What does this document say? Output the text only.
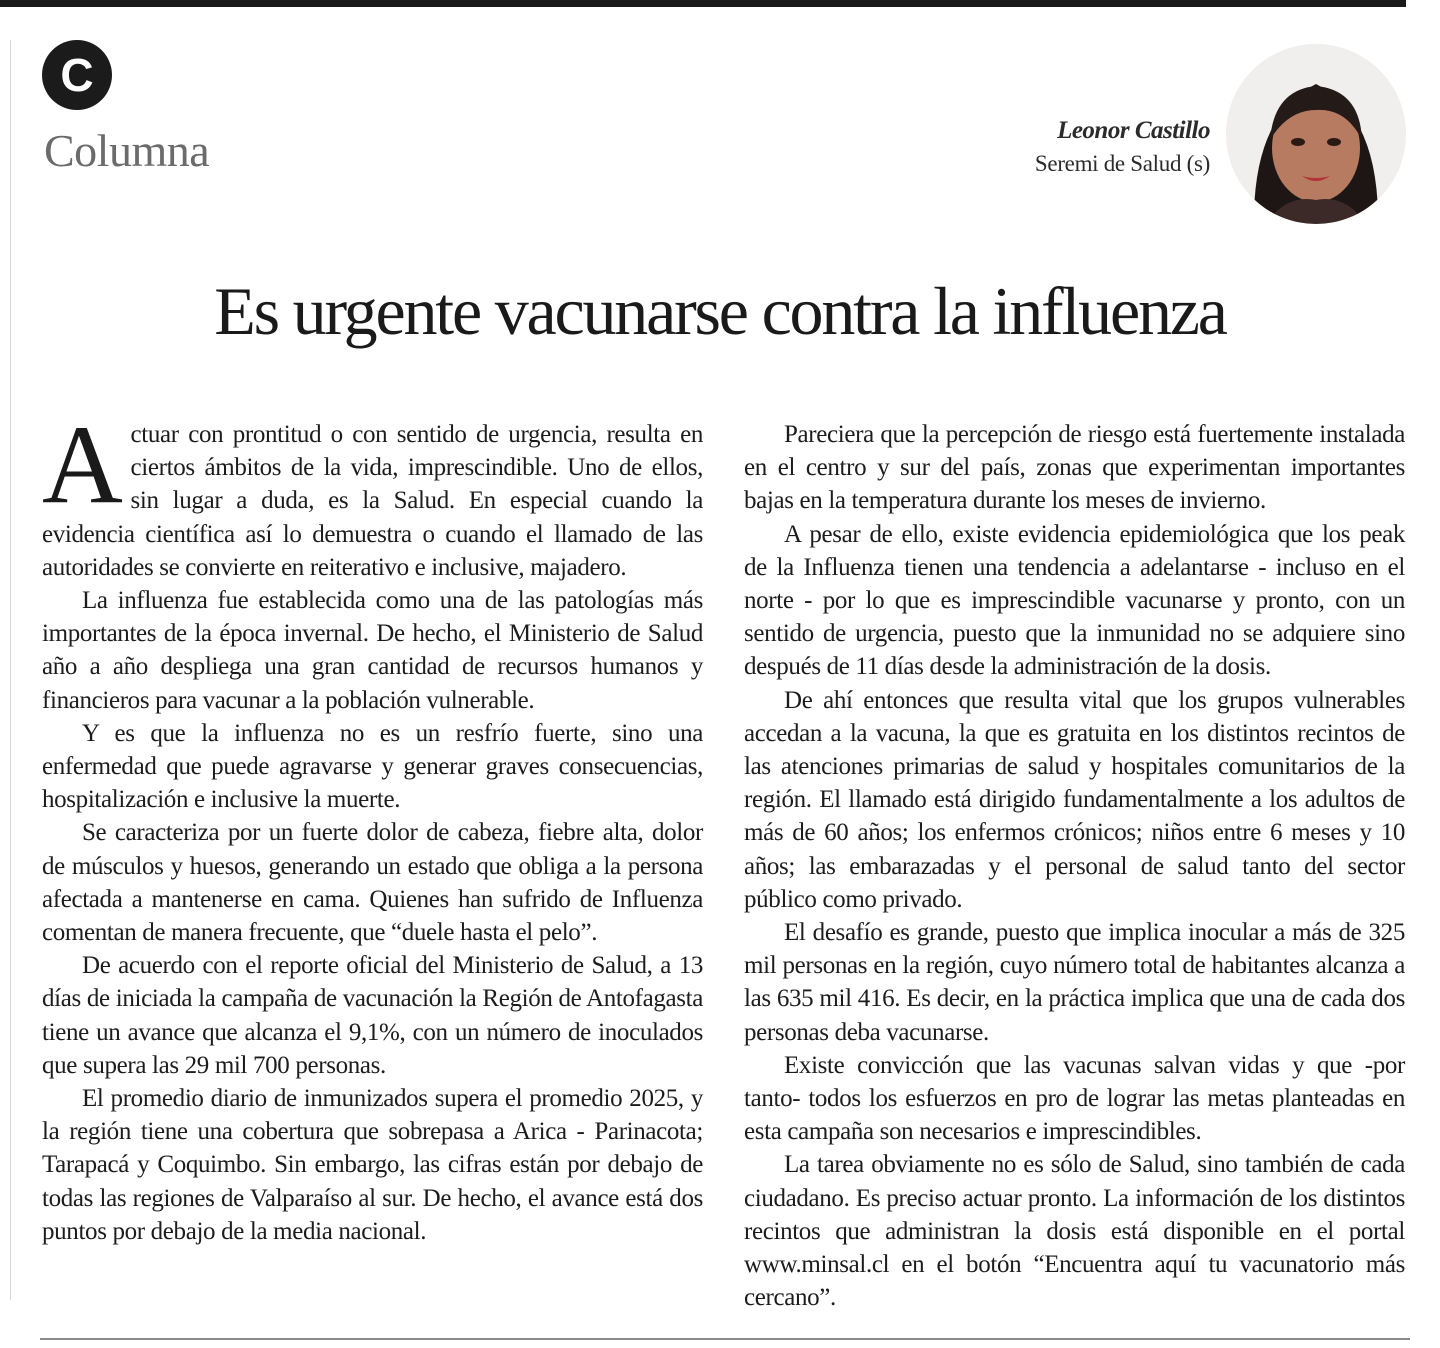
C
Columna	Leonor Castillo
Seremi de Salud (s)
Es urgente vacunarse contra la influenza

Actuar con prontitud o con sentido de urgencia, resulta en ciertos ámbitos de la vida, imprescindible. Uno de ellos, sin lugar a duda, es la Salud. En especial cuando la evidencia científica así lo demuestra o cuando el llamado de las autoridades se convierte en reiterativo e inclusive, majadero.

La influenza fue establecida como una de las patologías más importantes de la época invernal. De hecho, el Ministerio de Salud año a año despliega una gran cantidad de recursos humanos y financieros para vacunar a la población vulnerable.

Y es que la influenza no es un resfrío fuerte, sino una enfermedad que puede agravarse y generar graves consecuencias, hospitalización e inclusive la muerte.

Se caracteriza por un fuerte dolor de cabeza, fiebre alta, dolor de músculos y huesos, generando un estado que obliga a la persona afectada a mantenerse en cama. Quienes han sufrido de Influenza comentan de manera frecuente, que “duele hasta el pelo”.

De acuerdo con el reporte oficial del Ministerio de Salud, a 13 días de iniciada la campaña de vacunación la Región de Antofagasta tiene un avance que alcanza el 9,1%, con un número de inoculados que supera las 29 mil 700 personas.

El promedio diario de inmunizados supera el promedio 2025, y la región tiene una cobertura que sobrepasa a Arica - Parinacota; Tarapacá y Coquimbo. Sin embargo, las cifras están por debajo de todas las regiones de Valparaíso al sur. De hecho, el avance está dos puntos por debajo de la media nacional.

Pareciera que la percepción de riesgo está fuertemente instalada en el centro y sur del país, zonas que experimentan importantes bajas en la temperatura durante los meses de invierno.

A pesar de ello, existe evidencia epidemiológica que los peak de la Influenza tienen una tendencia a adelantarse - incluso en el norte - por lo que es imprescindible vacunarse y pronto, con un sentido de urgencia, puesto que la inmunidad no se adquiere sino después de 11 días desde la administración de la dosis.

De ahí entonces que resulta vital que los grupos vulnerables accedan a la vacuna, la que es gratuita en los distintos recintos de las atenciones primarias de salud y hospitales comunitarios de la región. El llamado está dirigido fundamentalmente a los adultos de más de 60 años; los enfermos crónicos; niños entre 6 meses y 10 años; las embarazadas y el personal de salud tanto del sector público como privado.

El desafío es grande, puesto que implica inocular a más de 325 mil personas en la región, cuyo número total de habitantes alcanza a las 635 mil 416. Es decir, en la práctica implica que una de cada dos personas deba vacunarse.

Existe convicción que las vacunas salvan vidas y que -por tanto- todos los esfuerzos en pro de lograr las metas planteadas en esta campaña son necesarios e imprescindibles.

La tarea obviamente no es sólo de Salud, sino también de cada ciudadano. Es preciso actuar pronto. La información de los distintos recintos que administran la dosis está disponible en el portal www.minsal.cl en el botón “Encuentra aquí tu vacunatorio más cercano”.
